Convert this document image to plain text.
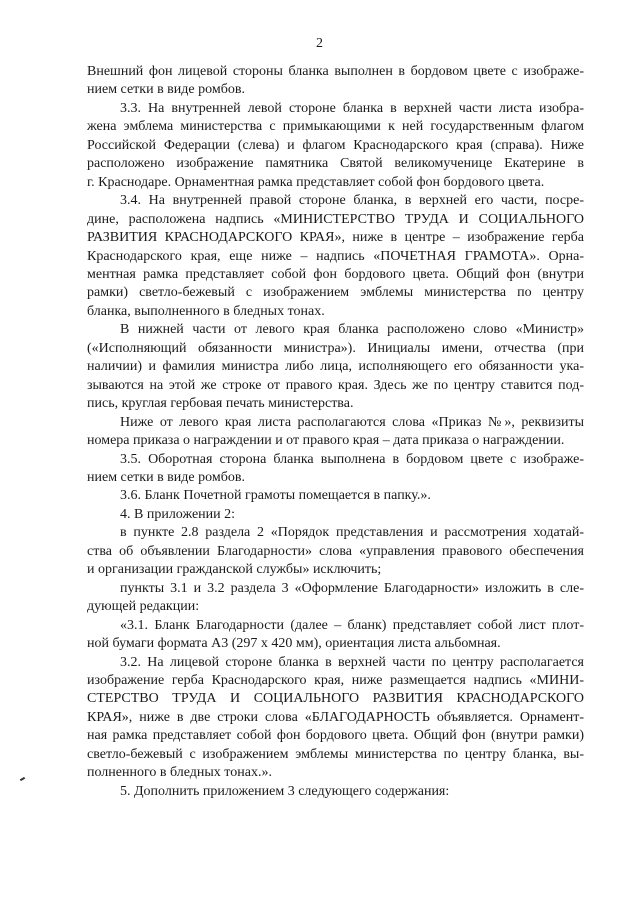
2
Внешний фон лицевой стороны бланка выполнен в бордовом цвете с изображе-
нием сетки в виде ромбов.
3.3. На внутренней левой стороне бланка в верхней части листа изобра-
жена эмблема министерства с примыкающими к ней государственным флагом
Российской Федерации (слева) и флагом Краснодарского края (справа). Ниже
расположено изображение памятника Святой великомученице Екатерине в
г. Краснодаре. Орнаментная рамка представляет собой фон бордового цвета.
3.4. На внутренней правой стороне бланка, в верхней его части, посре-
дине, расположена надпись «МИНИСТЕРСТВО ТРУДА И СОЦИАЛЬНОГО
РАЗВИТИЯ КРАСНОДАРСКОГО КРАЯ», ниже в центре – изображение герба
Краснодарского края, еще ниже – надпись «ПОЧЕТНАЯ ГРАМОТА». Орна-
ментная рамка представляет собой фон бордового цвета. Общий фон (внутри
рамки) светло-бежевый с изображением эмблемы министерства по центру
бланка, выполненного в бледных тонах.
В нижней части от левого края бланка расположено слово «Министр»
(«Исполняющий обязанности министра»). Инициалы имени, отчества (при
наличии) и фамилия министра либо лица, исполняющего его обязанности ука-
зываются на этой же строке от правого края. Здесь же по центру ставится под-
пись, круглая гербовая печать министерства.
Ниже от левого края листа располагаются слова «Приказ №», реквизиты
номера приказа о награждении и от правого края – дата приказа о награждении.
3.5. Оборотная сторона бланка выполнена в бордовом цвете с изображе-
нием сетки в виде ромбов.
3.6. Бланк Почетной грамоты помещается в папку.».
4. В приложении 2:
в пункте 2.8 раздела 2 «Порядок представления и рассмотрения ходатай-
ства об объявлении Благодарности» слова «управления правового обеспечения
и организации гражданской службы» исключить;
пункты 3.1 и 3.2 раздела 3 «Оформление Благодарности» изложить в сле-
дующей редакции:
«3.1. Бланк Благодарности (далее – бланк) представляет собой лист плот-
ной бумаги формата А3 (297 х 420 мм), ориентация листа альбомная.
3.2. На лицевой стороне бланка в верхней части по центру располагается
изображение герба Краснодарского края, ниже размещается надпись «МИНИ-
СТЕРСТВО ТРУДА И СОЦИАЛЬНОГО РАЗВИТИЯ КРАСНОДАРСКОГО
КРАЯ», ниже в две строки слова «БЛАГОДАРНОСТЬ объявляется. Орнамент-
ная рамка представляет собой фон бордового цвета. Общий фон (внутри рамки)
светло-бежевый с изображением эмблемы министерства по центру бланка, вы-
полненного в бледных тонах.».
5. Дополнить приложением 3 следующего содержания:
